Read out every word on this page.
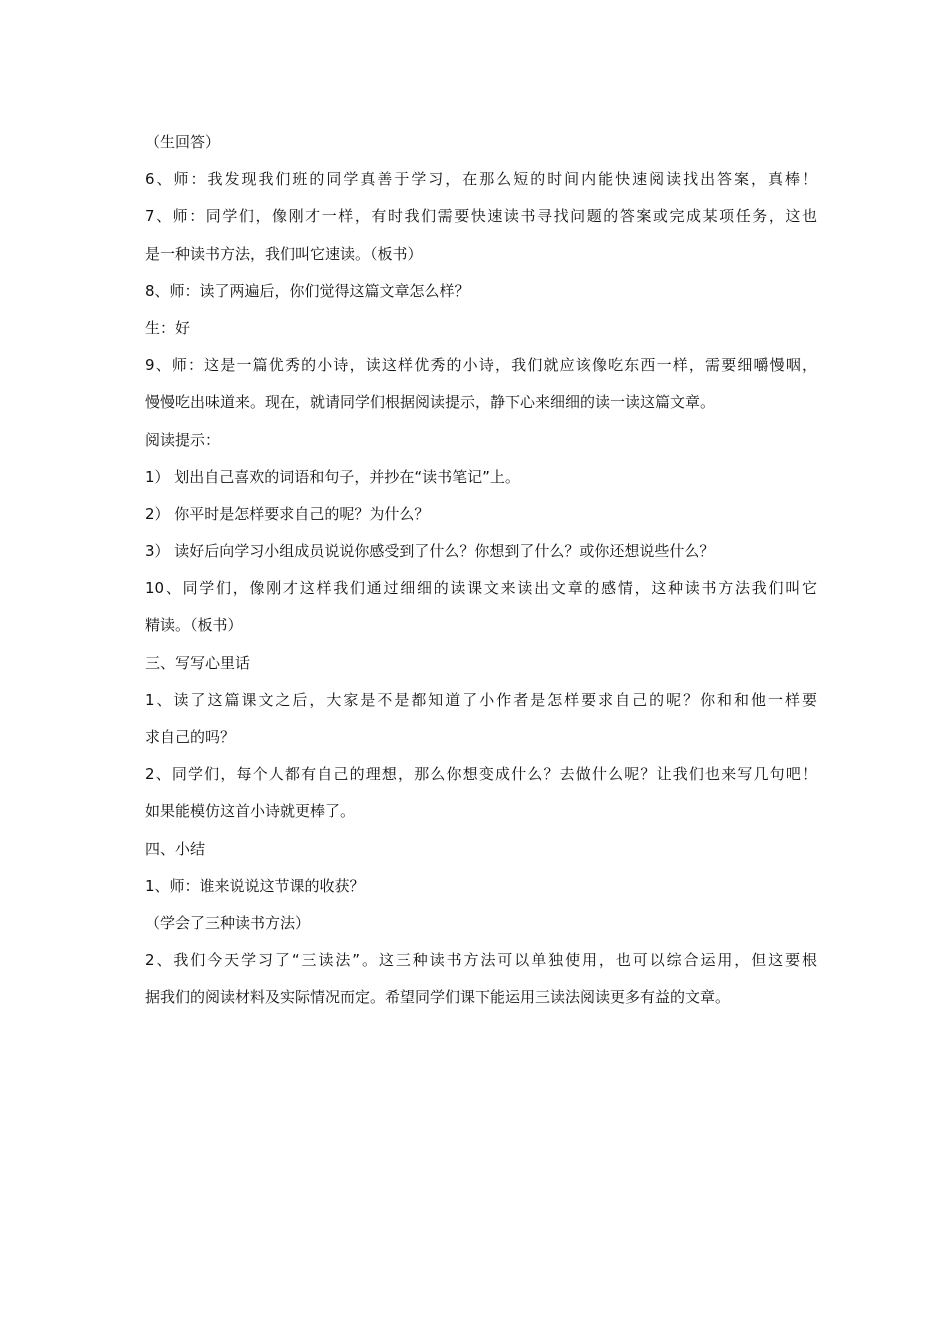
（生回答）
6、师：我发现我们班的同学真善于学习，在那么短的时间内能快速阅读找出答案，真棒！
7、师：同学们，像刚才一样，有时我们需要快速读书寻找问题的答案或完成某项任务，这也
是一种读书方法，我们叫它速读。（板书）
8、师：读了两遍后，你们觉得这篇文章怎么样？
生：好
9、师：这是一篇优秀的小诗，读这样优秀的小诗，我们就应该像吃东西一样，需要细嚼慢咽，
慢慢吃出味道来。现在，就请同学们根据阅读提示，静下心来细细的读一读这篇文章。
阅读提示：
1） 划出自己喜欢的词语和句子，并抄在“读书笔记”上。
2） 你平时是怎样要求自己的呢？为什么？
3） 读好后向学习小组成员说说你感受到了什么？你想到了什么？或你还想说些什么？
10、同学们，像刚才这样我们通过细细的读课文来读出文章的感情，这种读书方法我们叫它
精读。（板书）
三、写写心里话
1、读了这篇课文之后，大家是不是都知道了小作者是怎样要求自己的呢？你和和他一样要
求自己的吗？
2、同学们，每个人都有自己的理想，那么你想变成什么？去做什么呢？让我们也来写几句吧！
如果能模仿这首小诗就更棒了。
四、小结
1、师：谁来说说这节课的收获？
（学会了三种读书方法）
2、我们今天学习了“三读法”。这三种读书方法可以单独使用，也可以综合运用，但这要根
据我们的阅读材料及实际情况而定。希望同学们课下能运用三读法阅读更多有益的文章。
